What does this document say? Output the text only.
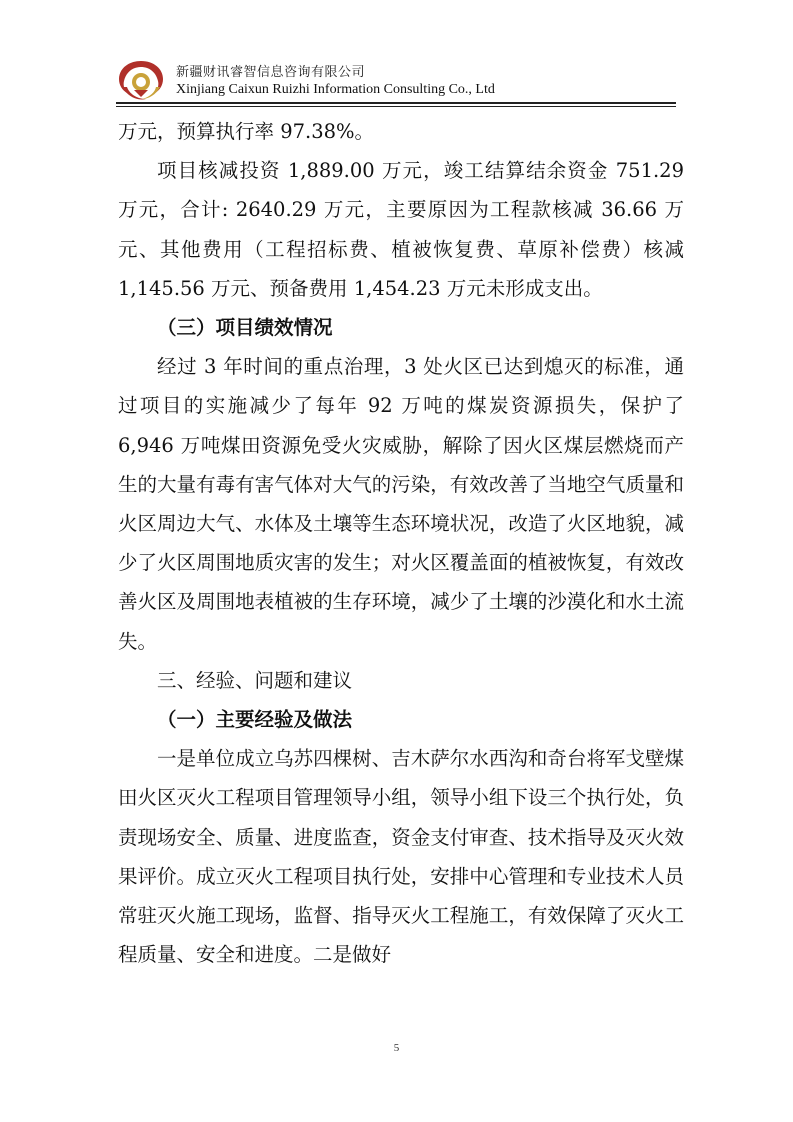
新疆财讯睿智信息咨询有限公司
Xinjiang Caixun Ruizhi Information Consulting Co., Ltd

万元，预算执行率 97.38%。

项目核减投资 1,889.00 万元，竣工结算结余资金 751.29 万元，合计: 2640.29 万元，主要原因为工程款核减 36.66 万元、其他费用（工程招标费、植被恢复费、草原补偿费）核减 1,145.56 万元、预备费用 1,454.23 万元未形成支出。

（三）项目绩效情况

经过 3 年时间的重点治理，3 处火区已达到熄灭的标准，通过项目的实施减少了每年 92 万吨的煤炭资源损失，保护了 6,946 万吨煤田资源免受火灾威胁，解除了因火区煤层燃烧而产生的大量有毒有害气体对大气的污染，有效改善了当地空气质量和火区周边大气、水体及土壤等生态环境状况，改造了火区地貌，减少了火区周围地质灾害的发生；对火区覆盖面的植被恢复，有效改善火区及周围地表植被的生存环境，减少了土壤的沙漠化和水土流失。

三、经验、问题和建议

（一）主要经验及做法

一是单位成立乌苏四棵树、吉木萨尔水西沟和奇台将军戈壁煤田火区灭火工程项目管理领导小组，领导小组下设三个执行处，负责现场安全、质量、进度监查，资金支付审查、技术指导及灭火效果评价。成立灭火工程项目执行处，安排中心管理和专业技术人员常驻灭火施工现场，监督、指导灭火工程施工，有效保障了灭火工程质量、安全和进度。二是做好

5
